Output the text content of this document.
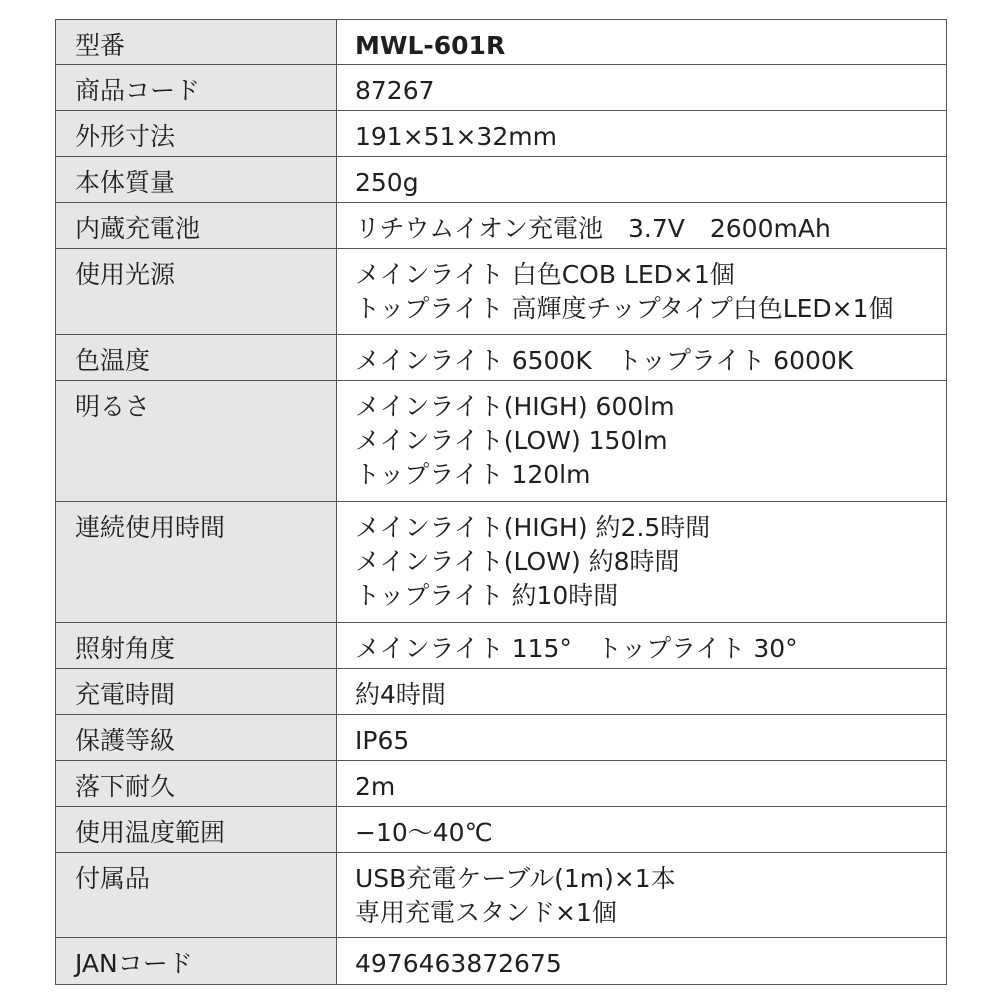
型番	MWL-601R

商品コード	87267

外形寸法	191×51×32mm

本体質量	250g

内蔵充電池	リチウムイオン充電池　3.7V　2600mAh

使用光源	メインライト 白色COB LED×1個
トップライト 高輝度チップタイプ白色LED×1個

色温度	メインライト 6500K　トップライト 6000K

明るさ	メインライト(HIGH) 600lm
メインライト(LOW) 150lm
トップライト 120lm

連続使用時間	メインライト(HIGH) 約2.5時間
メインライト(LOW) 約8時間
トップライト 約10時間

照射角度	メインライト 115°　トップライト 30°

充電時間	約4時間

保護等級	IP65

落下耐久	2m

使用温度範囲	−10〜40℃

付属品	USB充電ケーブル(1m)×1本
専用充電スタンド×1個

JANコード	4976463872675
